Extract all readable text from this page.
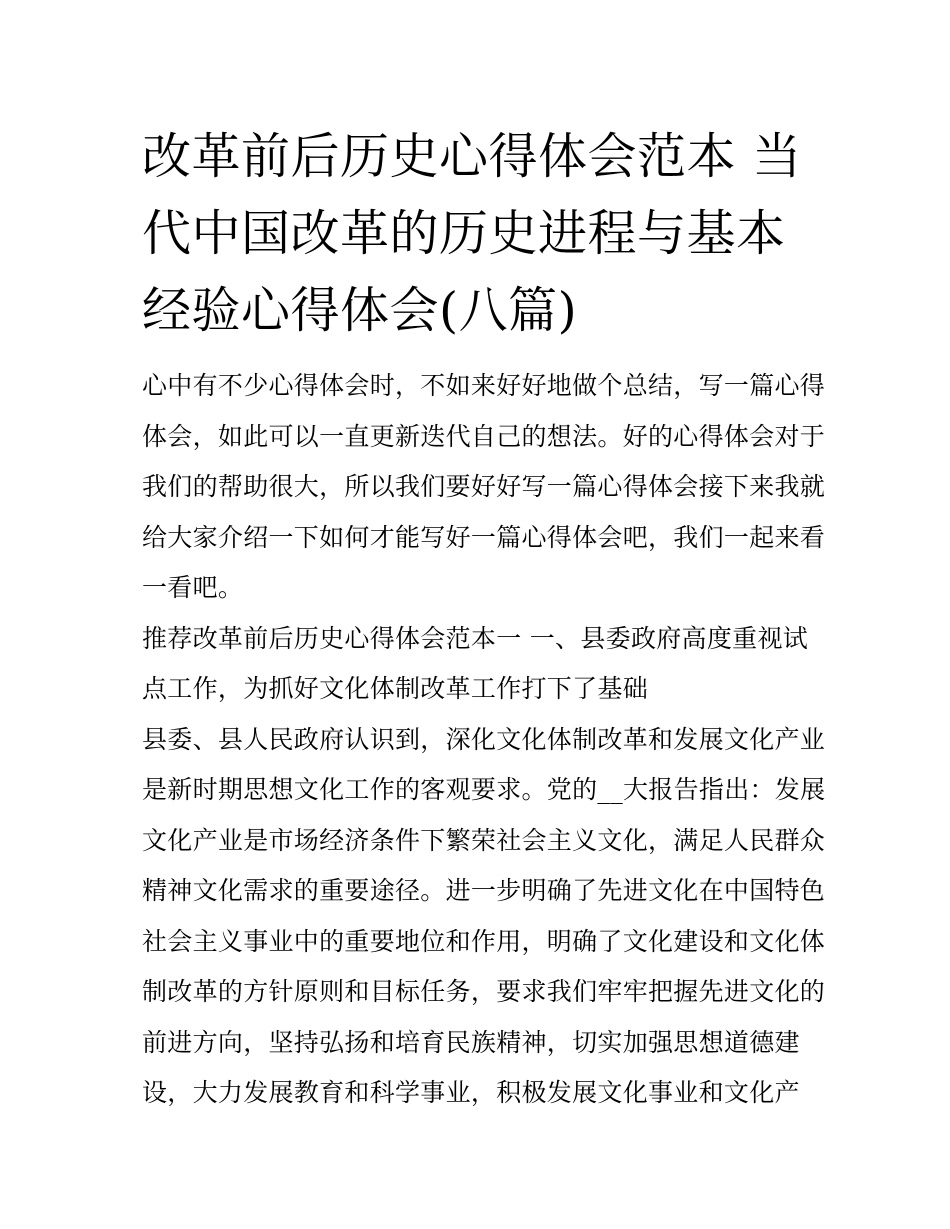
改革前后历史心得体会范本 当
代中国改革的历史进程与基本
经验心得体会(八篇)
心中有不少心得体会时，不如来好好地做个总结，写一篇心得
体会，如此可以一直更新迭代自己的想法。好的心得体会对于
我们的帮助很大，所以我们要好好写一篇心得体会接下来我就
给大家介绍一下如何才能写好一篇心得体会吧，我们一起来看
一看吧。
推荐改革前后历史心得体会范本一 一、县委政府高度重视试
点工作，为抓好文化体制改革工作打下了基础
县委、县人民政府认识到，深化文化体制改革和发展文化产业
是新时期思想文化工作的客观要求。党的__大报告指出：发展
文化产业是市场经济条件下繁荣社会主义文化，满足人民群众
精神文化需求的重要途径。进一步明确了先进文化在中国特色
社会主义事业中的重要地位和作用，明确了文化建设和文化体
制改革的方针原则和目标任务，要求我们牢牢把握先进文化的
前进方向，坚持弘扬和培育民族精神，切实加强思想道德建
设，大力发展教育和科学事业，积极发展文化事业和文化产
